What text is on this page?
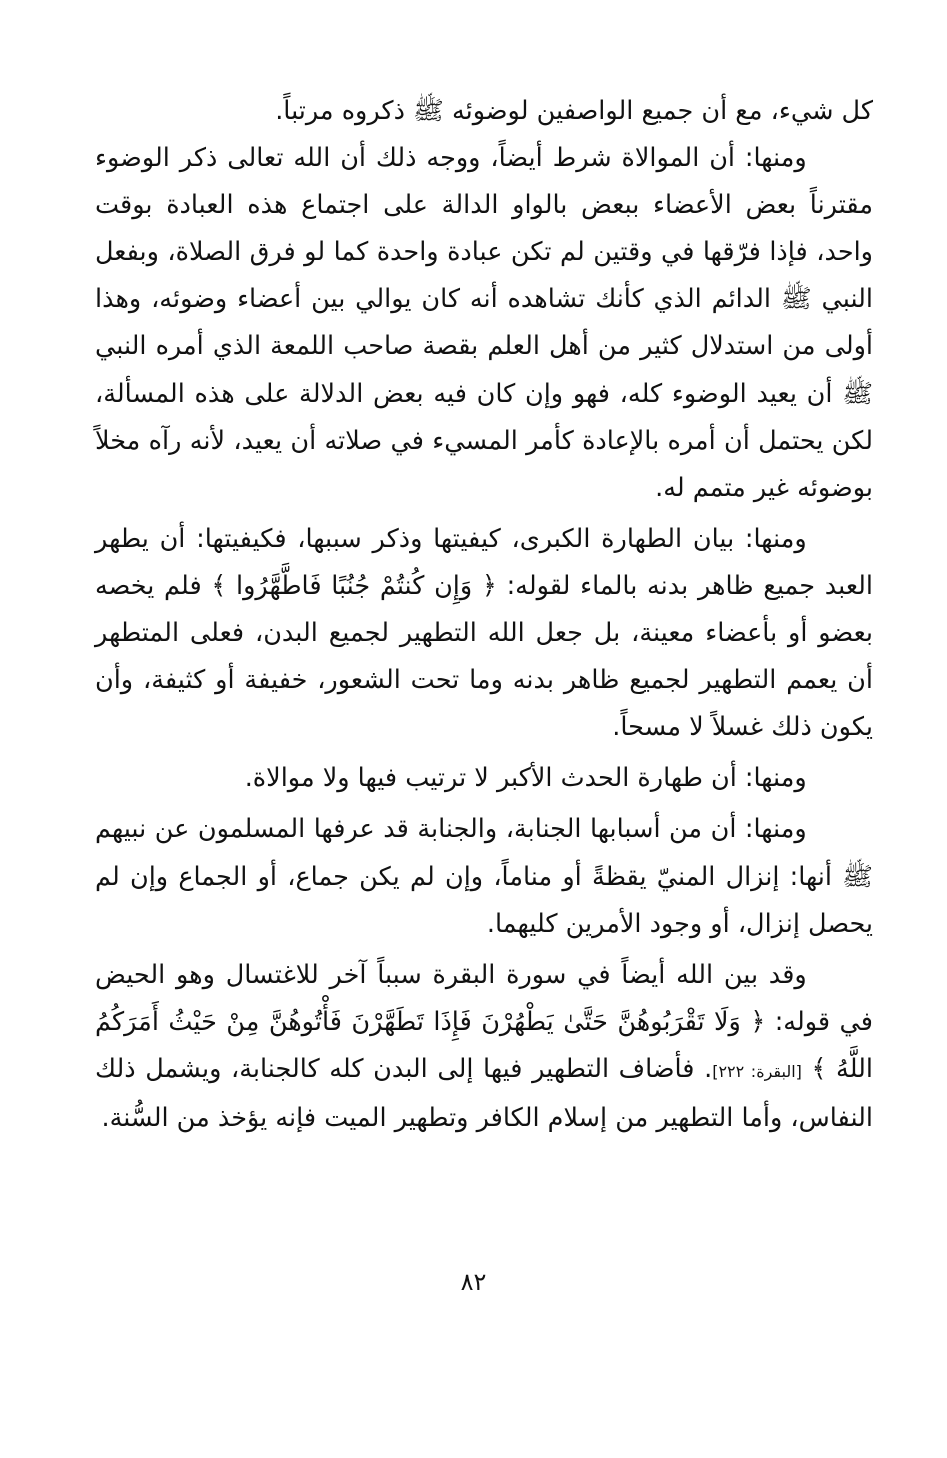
كل شيء، مع أن جميع الواصفين لوضوئه ﷺ ذكروه مرتباً.

ومنها: أن الموالاة شرط أيضاً، ووجه ذلك أن الله تعالى ذكر الوضوء مقترناً بعض الأعضاء ببعض بالواو الدالة على اجتماع هذه العبادة بوقت واحد، فإذا فرّقها في وقتين لم تكن عبادة واحدة كما لو فرق الصلاة، وبفعل النبي ﷺ الدائم الذي كأنك تشاهده أنه كان يوالي بين أعضاء وضوئه، وهذا أولى من استدلال كثير من أهل العلم بقصة صاحب اللمعة الذي أمره النبي ﷺ أن يعيد الوضوء كله، فهو وإن كان فيه بعض الدلالة على هذه المسألة، لكن يحتمل أن أمره بالإعادة كأمر المسيء في صلاته أن يعيد، لأنه رآه مخلاً بوضوئه غير متمم له.

ومنها: بيان الطهارة الكبرى، كيفيتها وذكر سببها، فكيفيتها: أن يطهر العبد جميع ظاهر بدنه بالماء لقوله: ﴿ وَإِن كُنتُمْ جُنُبًا فَاطَّهَّرُوا ﴾ فلم يخصه بعضو أو بأعضاء معينة، بل جعل الله التطهير لجميع البدن، فعلى المتطهر أن يعمم التطهير لجميع ظاهر بدنه وما تحت الشعور، خفيفة أو كثيفة، وأن يكون ذلك غسلاً لا مسحاً.

ومنها: أن طهارة الحدث الأكبر لا ترتيب فيها ولا موالاة.

ومنها: أن من أسبابها الجنابة، والجنابة قد عرفها المسلمون عن نبيهم ﷺ أنها: إنزال المنيّ يقظةً أو مناماً، وإن لم يكن جماع، أو الجماع وإن لم يحصل إنزال، أو وجود الأمرين كليهما.

وقد بين الله أيضاً في سورة البقرة سبباً آخر للاغتسال وهو الحيض في قوله: ﴿ وَلَا تَقْرَبُوهُنَّ حَتَّىٰ يَطْهُرْنَ فَإِذَا تَطَهَّرْنَ فَأْتُوهُنَّ مِنْ حَيْثُ أَمَرَكُمُ اللَّهُ ﴾ [البقرة: ٢٢٢]. فأضاف التطهير فيها إلى البدن كله كالجنابة، ويشمل ذلك النفاس، وأما التطهير من إسلام الكافر وتطهير الميت فإنه يؤخذ من السُّنة.

٨٢
